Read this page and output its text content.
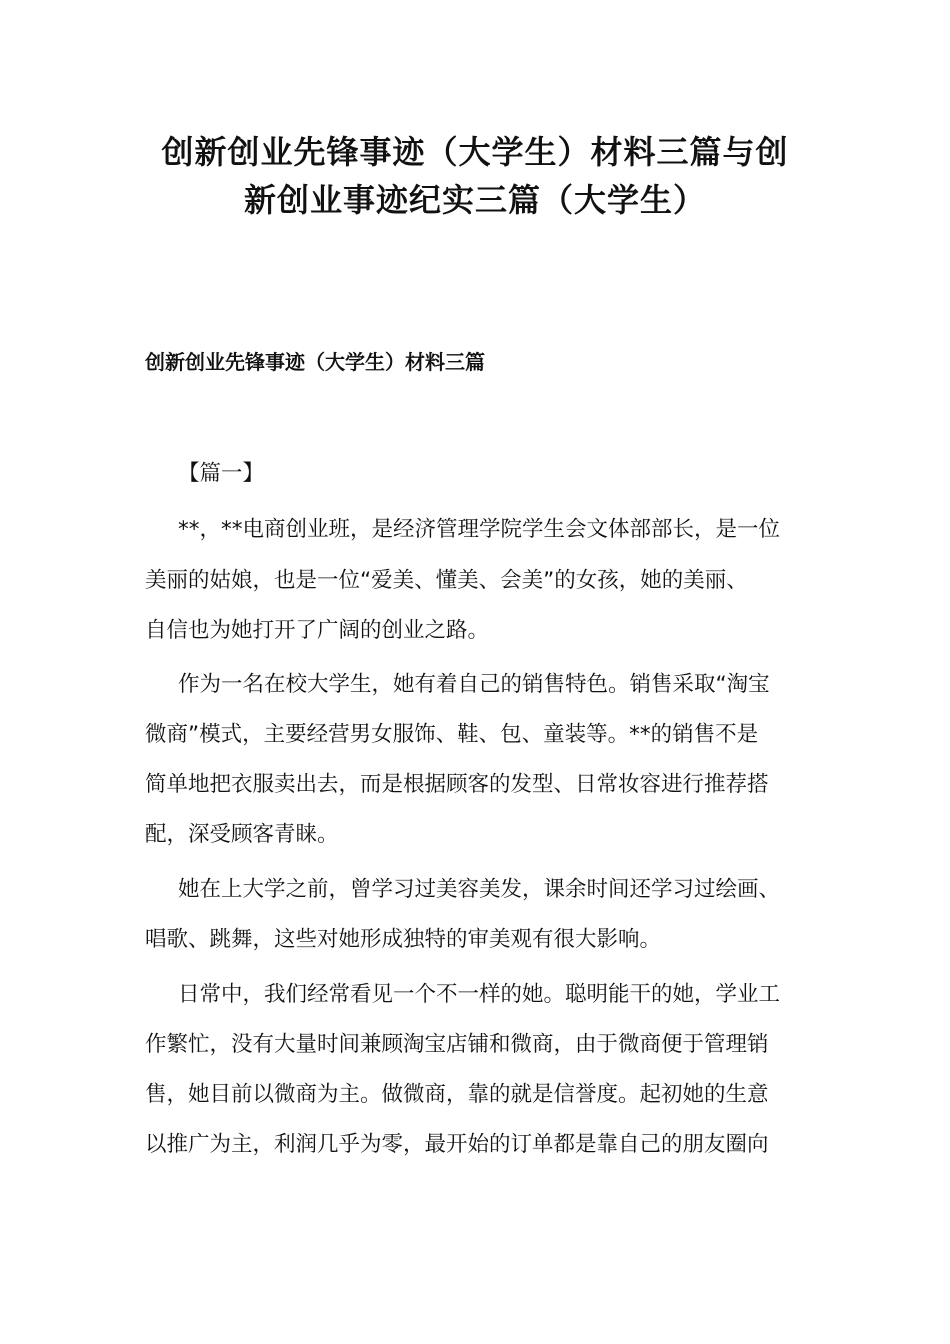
创新创业先锋事迹（大学生）材料三篇与创
新创业事迹纪实三篇（大学生）
创新创业先锋事迹（大学生）材料三篇

【篇一】

**，**电商创业班，是经济管理学院学生会文体部部长，是一位

美丽的姑娘，也是一位“爱美、懂美、会美”的女孩，她的美丽、

自信也为她打开了广阔的创业之路。

作为一名在校大学生，她有着自己的销售特色。销售采取“淘宝

微商”模式，主要经营男女服饰、鞋、包、童装等。**的销售不是

简单地把衣服卖出去，而是根据顾客的发型、日常妆容进行推荐搭

配，深受顾客青睐。

她在上大学之前，曾学习过美容美发，课余时间还学习过绘画、

唱歌、跳舞，这些对她形成独特的审美观有很大影响。

日常中，我们经常看见一个不一样的她。聪明能干的她，学业工

作繁忙，没有大量时间兼顾淘宝店铺和微商，由于微商便于管理销

售，她目前以微商为主。做微商，靠的就是信誉度。起初她的生意

以推广为主，利润几乎为零，最开始的订单都是靠自己的朋友圈向
